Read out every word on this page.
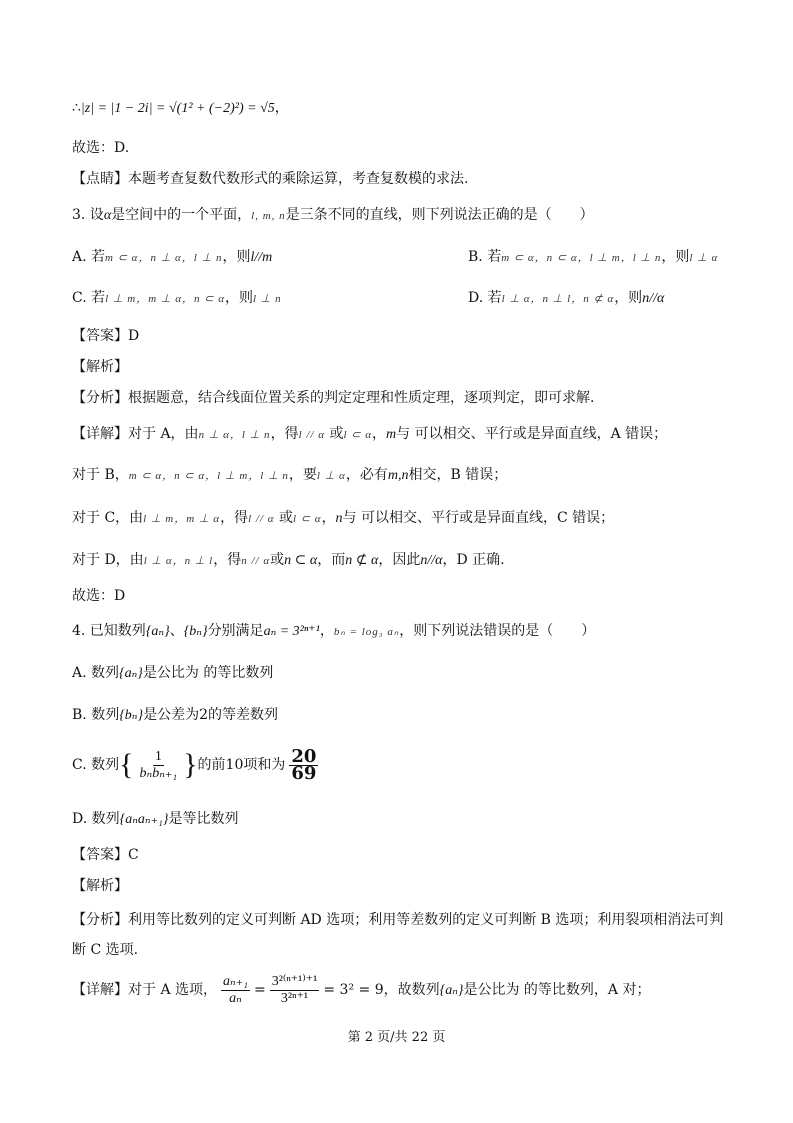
∴|z| = |1 − 2i| = √(1² + (−2)²) = √5，
故选：D.
【点睛】本题考查复数代数形式的乘除运算，考查复数模的求法.
3. 设α是空间中的一个平面，l, m, n是三条不同的直线，则下列说法正确的是（　　）
A. 若m ⊂ α，n ⊥ α，l ⊥ n，则l//m	B. 若m ⊂ α，n ⊂ α，l ⊥ m，l ⊥ n，则l ⊥ α
C. 若l ⊥ m，m ⊥ α，n ⊂ α，则l ⊥ n	D. 若l ⊥ α，n ⊥ l，n ⊄ α，则n//α
【答案】D
【解析】
【分析】根据题意，结合线面位置关系的判定定理和性质定理，逐项判定，即可求解.
【详解】对于 A，由n ⊥ α，l ⊥ n，得l // α 或l ⊂ α，m与 可以相交、平行或是异面直线，A 错误；
对于 B，m ⊂ α，n ⊂ α，l ⊥ m，l ⊥ n，要l ⊥ α，必有m,n相交，B 错误；
对于 C，由l ⊥ m，m ⊥ α，得l // α 或l ⊂ α，n与 可以相交、平行或是异面直线，C 错误；
对于 D，由l ⊥ α，n ⊥ l，得n // α或n ⊂ α，而n ⊄ α，因此n//α，D 正确.
故选：D
4. 已知数列{aₙ}、{bₙ}分别满足aₙ = 3²ⁿ⁺¹，bₙ = log₃ aₙ，则下列说法错误的是（　　）
A. 数列{aₙ}是公比为 的等比数列
B. 数列{bₙ}是公差为2的等差数列
C. 数列{ $\frac{1}{\text{bₙbₙ₊₁}}$ }的前10项和为 $\frac{20}{69}$
D. 数列{aₙaₙ₊₁}是等比数列
【答案】C
【解析】
【分析】利用等比数列的定义可判断 AD 选项；利用等差数列的定义可判断 B 选项；利用裂项相消法可判
断 C 选项.
【详解】对于 A 选项， $\frac{\text{aₙ₊₁}}{\text{aₙ}} = \frac{\text{3²⁽ⁿ⁺¹⁾⁺¹}}{\text{3²ⁿ⁺¹}} = 3^2 = 9$，故数列{aₙ}是公比为 的等比数列，A 对；
第 2 页/共 22 页
